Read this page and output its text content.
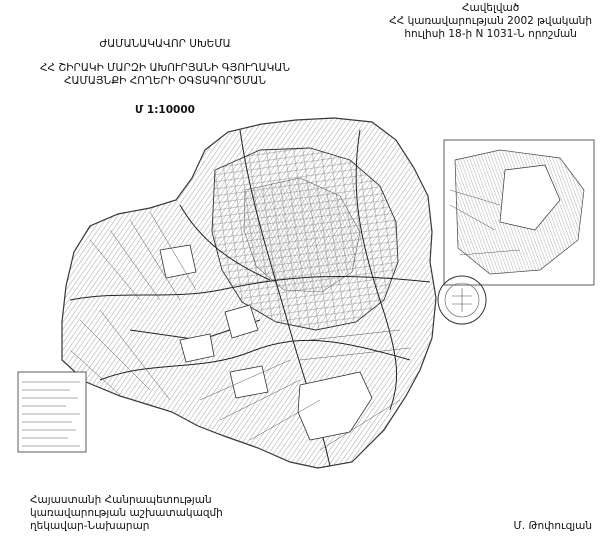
Հավելված
ՀՀ կառավարության 2002 թվականի
հուլիսի 18-ի N 1031-Ն որոշման
ԺԱՄԱՆԱԿԱՎՈՐ ՍԽԵՄԱ
ՀՀ ՇԻՐԱԿԻ ՄԱՐԶԻ ԱԽՈՒՐՅԱՆԻ ԳՅՈՒՂԱԿԱՆ
ՀԱՄԱՅՆՔԻ ՀՈՂԵՐԻ ՕԳՏԱԳՈՐԾՄԱՆ
Մ 1:10000
Հայաստանի Հանրապետության
կառավարության աշխատակազմի
ղեկավար-Նախարար	Մ. Թոփուզյան
